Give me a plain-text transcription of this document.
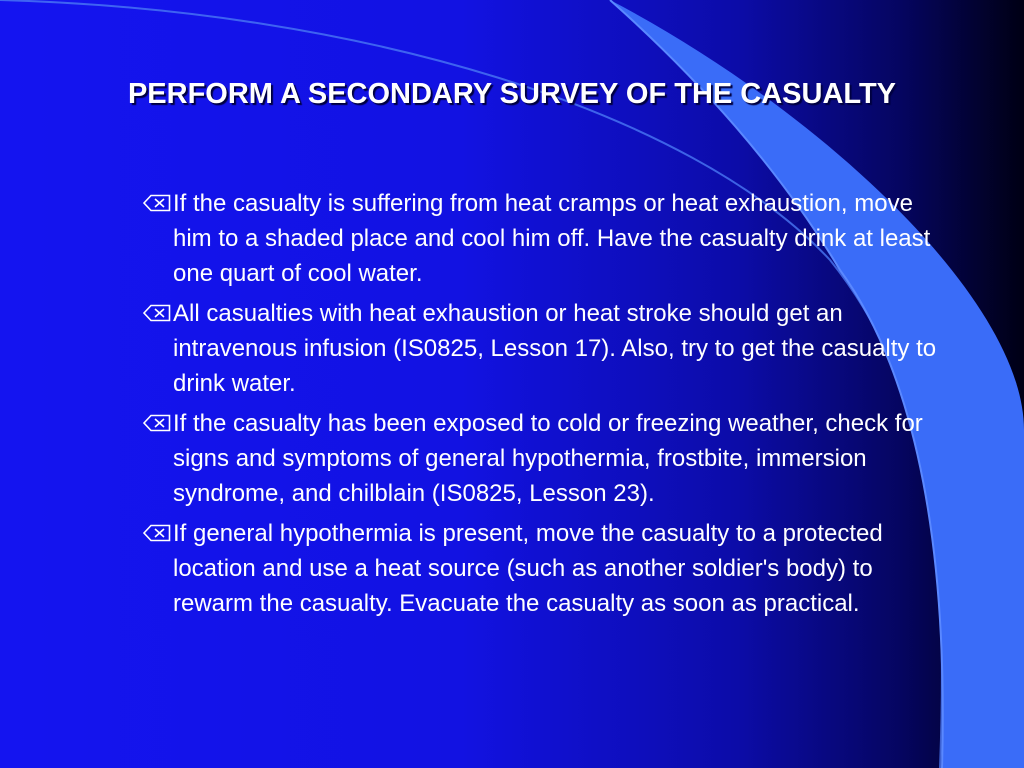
PERFORM A SECONDARY SURVEY OF THE CASUALTY
If the casualty is suffering from heat cramps or heat exhaustion, move him to a shaded place and cool him off. Have the casualty drink at least one quart of cool water.
All casualties with heat exhaustion or heat stroke should get an intravenous infusion (IS0825, Lesson 17). Also, try to get the casualty to drink water.
If the casualty has been exposed to cold or freezing weather, check for signs and symptoms of general hypothermia, frostbite, immersion syndrome, and chilblain (IS0825, Lesson 23).
If general hypothermia is present, move the casualty to a protected location and use a heat source (such as another soldier's body) to rewarm the casualty. Evacuate the casualty as soon as practical.
